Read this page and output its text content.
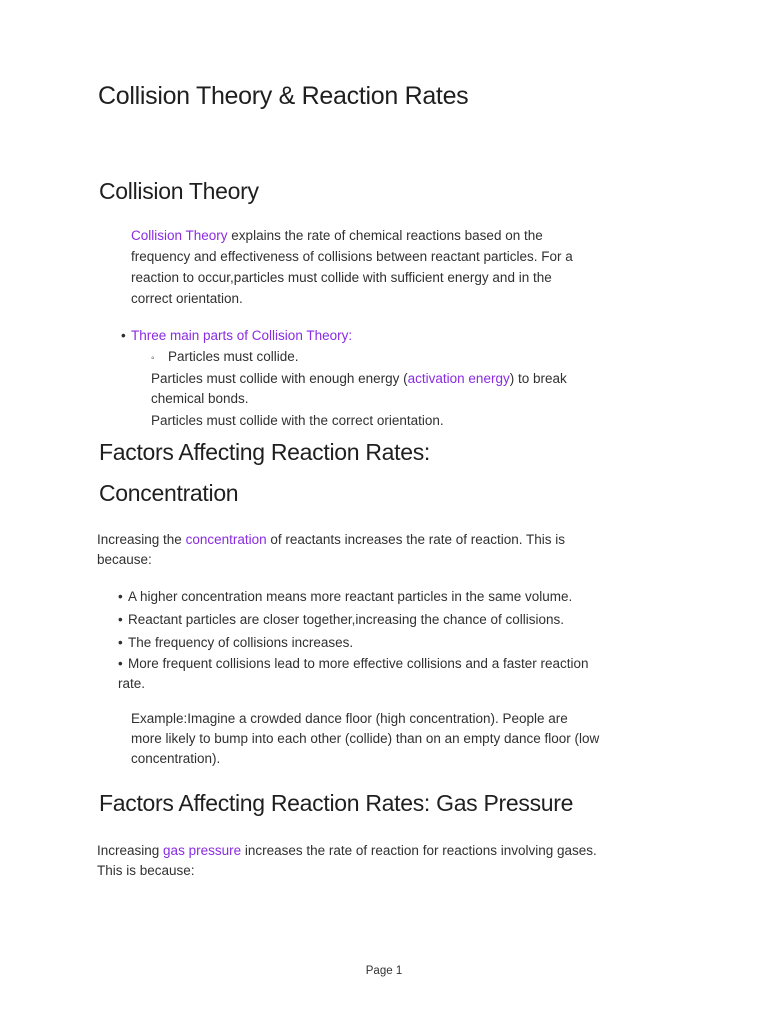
Collision Theory & Reaction Rates
Collision Theory

Collision Theory explains the rate of chemical reactions based on the frequency and effectiveness of collisions between reactant particles. For a reaction to occur,particles must collide with sufficient energy and in the correct orientation.

• Three main parts of Collision Theory:
◦ Particles must collide.

Particles must collide with enough energy (activation energy) to break chemical bonds.

Particles must collide with the correct orientation.

Factors Affecting Reaction Rates:
Concentration

Increasing the concentration of reactants increases the rate of reaction. This is because:

• A higher concentration means more reactant particles in the same volume.
• Reactant particles are closer together,increasing the chance of collisions.
• The frequency of collisions increases.
• More frequent collisions lead to more effective collisions and a faster reaction rate.

Example:Imagine a crowded dance floor (high concentration). People are more likely to bump into each other (collide) than on an empty dance floor (low concentration).

Factors Affecting Reaction Rates: Gas Pressure

Increasing gas pressure increases the rate of reaction for reactions involving gases. This is because:

Page 1
